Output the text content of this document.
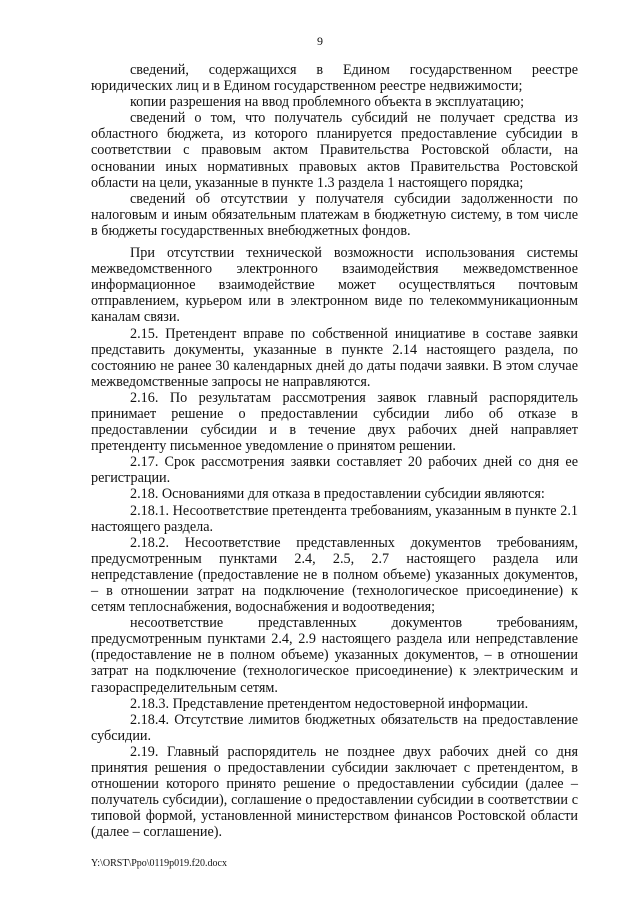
9

сведений, содержащихся в Едином государственном реестре юридических лиц и в Едином государственном реестре недвижимости;

копии разрешения на ввод проблемного объекта в эксплуатацию;

сведений о том, что получатель субсидий не получает средства из областного бюджета, из которого планируется предоставление субсидии в соответствии с правовым актом Правительства Ростовской области, на основании иных нормативных правовых актов Правительства Ростовской области на цели, указанные в пункте 1.3 раздела 1 настоящего порядка;

сведений об отсутствии у получателя субсидии задолженности по налоговым и иным обязательным платежам в бюджетную систему, в том числе в бюджеты государственных внебюджетных фондов.

При отсутствии технической возможности использования системы межведомственного электронного взаимодействия межведомственное информационное взаимодействие может осуществляться почтовым отправлением, курьером или в электронном виде по телекоммуникационным каналам связи.

2.15. Претендент вправе по собственной инициативе в составе заявки представить документы, указанные в пункте 2.14 настоящего раздела, по состоянию не ранее 30 календарных дней до даты подачи заявки. В этом случае межведомственные запросы не направляются.

2.16. По результатам рассмотрения заявок главный распорядитель принимает решение о предоставлении субсидии либо об отказе в предоставлении субсидии и в течение двух рабочих дней направляет претенденту письменное уведомление о принятом решении.

2.17. Срок рассмотрения заявки составляет 20 рабочих дней со дня ее регистрации.

2.18. Основаниями для отказа в предоставлении субсидии являются:

2.18.1. Несоответствие претендента требованиям, указанным в пункте 2.1 настоящего раздела.

2.18.2. Несоответствие представленных документов требованиям, предусмотренным пунктами 2.4, 2.5, 2.7 настоящего раздела или непредставление (предоставление не в полном объеме) указанных документов, – в отношении затрат на подключение (технологическое присоединение) к сетям теплоснабжения, водоснабжения и водоотведения;

несоответствие представленных документов требованиям, предусмотренным пунктами 2.4, 2.9 настоящего раздела или непредставление (предоставление не в полном объеме) указанных документов, – в отношении затрат на подключение (технологическое присоединение) к электрическим и газораспределительным сетям.

2.18.3. Представление претендентом недостоверной информации.

2.18.4. Отсутствие лимитов бюджетных обязательств на предоставление субсидии.

2.19. Главный распорядитель не позднее двух рабочих дней со дня принятия решения о предоставлении субсидии заключает с претендентом, в отношении которого принято решение о предоставлении субсидии (далее – получатель субсидии), соглашение о предоставлении субсидии в соответствии с типовой формой, установленной министерством финансов Ростовской области (далее – соглашение).

Y:\ORST\Ppo\0119p019.f20.docx
